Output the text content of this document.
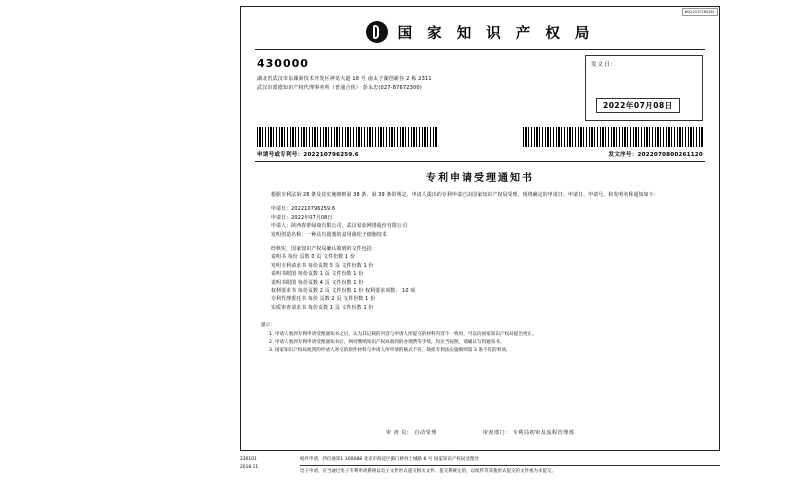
WX22070780261
国 家 知 识 产 权 局
430000
湖北省武汉市东湖新技术开发区神龙大道 18 号 南太子湖创新谷 2 栋 2311
武汉市派德知识产权代理事务所（普通合伙） 彭永忠(027-87672300)
发文日：
2022年07月08日
申请号或专利号：202210796259.6	发文序号：2022070800261120
专利申请受理通知书
根据专利法第 28 条及其实施细则第 38 条、第 39 条的规定，申请人提出的专利申请已由国家知识产权局受理。现将确定的申请日、申请日、申请号、和发明名称通知如下：
申请日：202210796259.6
申请日：2022年07月08日
申请人：陕西春蕾绿康有限公司，武汉易茹网络股份有限公司
发明创造名称：一种具有圆葱的食用菌松子细胞技术
经核实，国家知识产权局确认收到的文件包括：
说明书 每份 页数 0 页 文件份数 1 份
发明专利请求书 每份页数 5 页 文件份数 1 份
说明书附图 每份页数 1 页 文件份数 1 份
说明书附图 每份页数 4 页 文件份数 1 份
权利要求书 每份页数 2 页 文件份数 1 份 权利要求项数： 10 项
专利代理委托书 每份 页数 2 页 文件份数 1 份
实质审查请求书 每份页数 1 页 文件份数 1 份
提示：
1. 申请人收到专利申请受理通知书之后，认为其记载的内容与申请人所提交的材料内容不一致时，可以向国家知识产权局提出更正。
2. 申请人收到专利申请受理通知书后，两份缴纳知识产权局收到的办理费等手续，均应当按照、请确认写用通知书。
3. 国家知识产权局收到的申请人寄交的原件材料与申请人所申请的格式不符、缺损专利法实施细则第 3 条不符的事项。
审 查 员： 自动受理	审查部门： 专利局初审及流程管理部
230101
2018.11
纸件申请，四位通知1 100088 北京市海淀区蓟门桥西土城路 6 号 国家知识产权局受理处
电子申请，应当通过电子专利申请系统以电子文件形式递交相关文件。提交系统定的，以纸件等其他形式提交的文件视为未提交。
